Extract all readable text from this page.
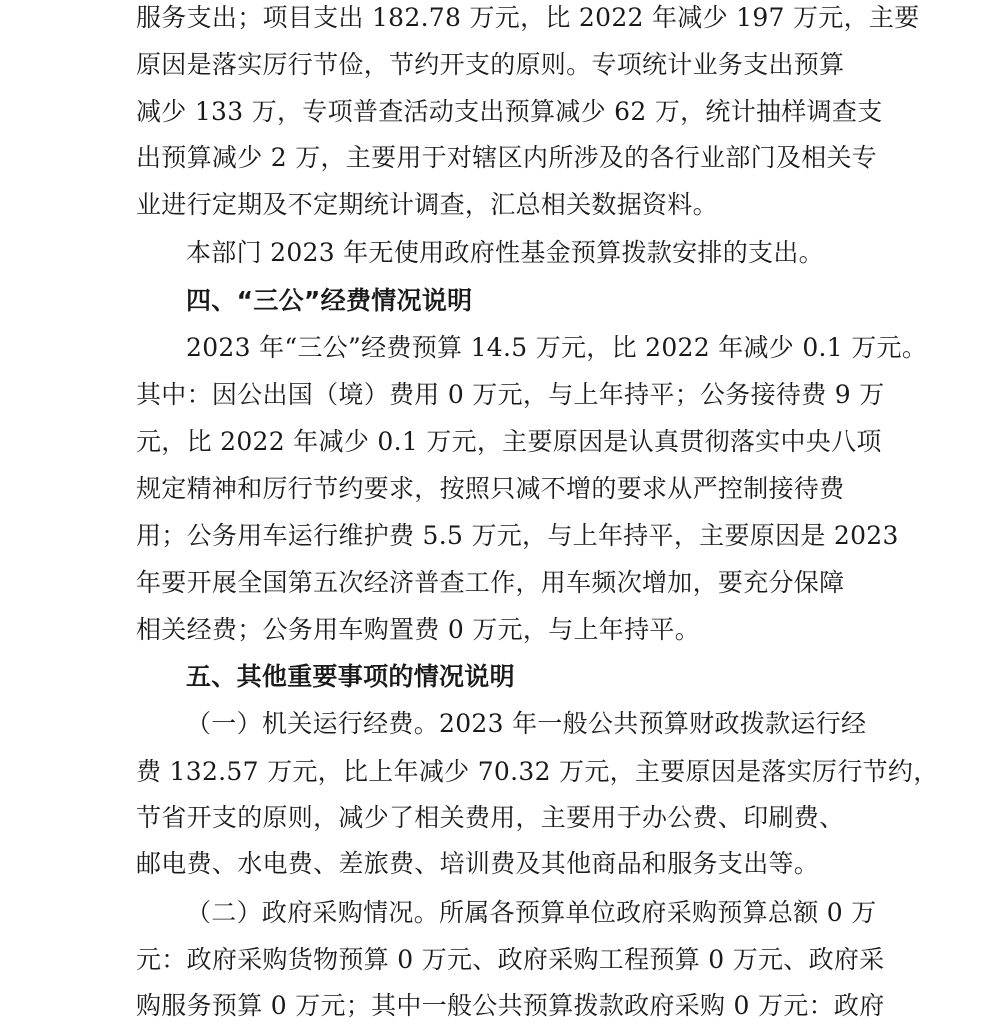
服务支出；项目支出 182.78 万元，比 2022 年减少 197 万元，主要
原因是落实厉行节俭，节约开支的原则。专项统计业务支出预算
减少 133 万，专项普查活动支出预算减少 62 万，统计抽样调查支
出预算减少 2 万，主要用于对辖区内所涉及的各行业部门及相关专
业进行定期及不定期统计调查，汇总相关数据资料。
本部门 2023 年无使用政府性基金预算拨款安排的支出。
四、“三公”经费情况说明
2023 年“三公”经费预算 14.5 万元，比 2022 年减少 0.1 万元。
其中：因公出国（境）费用 0 万元，与上年持平；公务接待费 9 万
元，比 2022 年减少 0.1 万元，主要原因是认真贯彻落实中央八项
规定精神和厉行节约要求，按照只减不增的要求从严控制接待费
用；公务用车运行维护费 5.5 万元，与上年持平，主要原因是 2023
年要开展全国第五次经济普查工作，用车频次增加，要充分保障
相关经费；公务用车购置费 0 万元，与上年持平。
五、其他重要事项的情况说明
（一）机关运行经费。2023 年一般公共预算财政拨款运行经
费 132.57 万元，比上年减少 70.32 万元，主要原因是落实厉行节约，
节省开支的原则，减少了相关费用，主要用于办公费、印刷费、
邮电费、水电费、差旅费、培训费及其他商品和服务支出等。
（二）政府采购情况。所属各预算单位政府采购预算总额 0 万
元：政府采购货物预算 0 万元、政府采购工程预算 0 万元、政府采
购服务预算 0 万元；其中一般公共预算拨款政府采购 0 万元：政府
